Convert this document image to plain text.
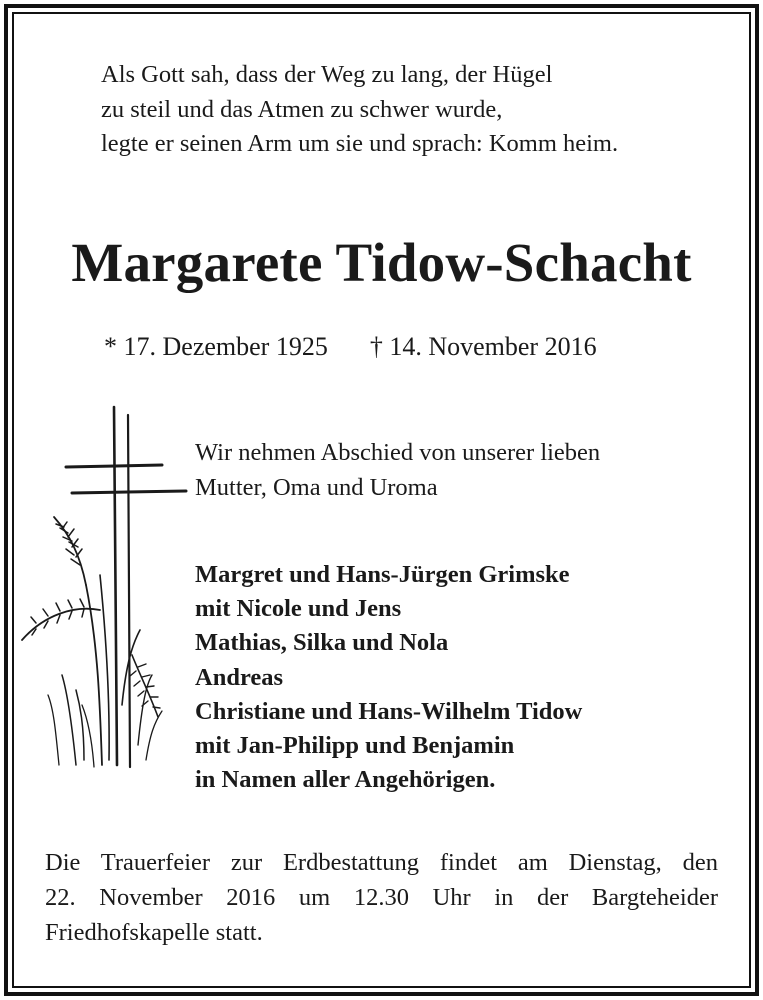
Als Gott sah, dass der Weg zu lang, der Hügel
zu steil und das Atmen zu schwer wurde,
legte er seinen Arm um sie und sprach: Komm heim.

Margarete Tidow-Schacht
* 17. Dezember 1925 † 14. November 2016
Wir nehmen Abschied von unserer lieben
Mutter, Oma und Uroma
Margret und Hans-Jürgen Grimske
mit Nicole und Jens
Mathias, Silka und Nola
Andreas
Christiane und Hans-Wilhelm Tidow
mit Jan-Philipp und Benjamin
in Namen aller Angehörigen.
Die Trauerfeier zur Erdbestattung findet am Dienstag, den
22. November 2016 um 12.30 Uhr in der Bargteheider
Friedhofskapelle statt.
